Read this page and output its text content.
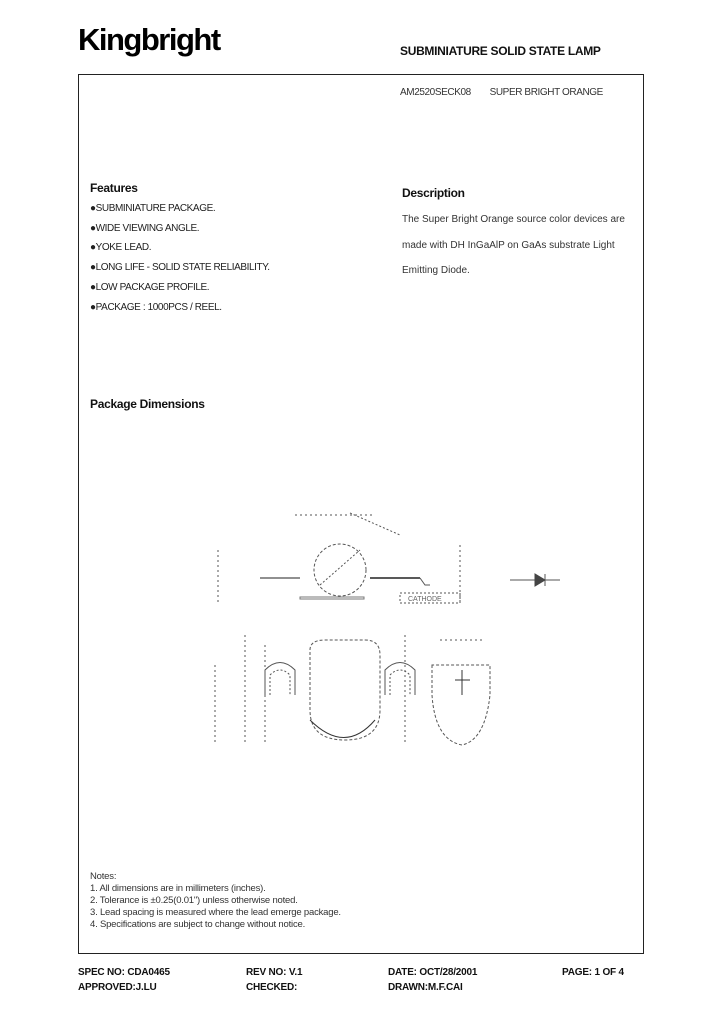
Kingbright	SUBMINIATURE SOLID STATE LAMP
AM2520SECK08 SUPER BRIGHT ORANGE
Features
●SUBMINIATURE PACKAGE.
●WIDE VIEWING ANGLE.
●YOKE LEAD.
●LONG LIFE - SOLID STATE RELIABILITY.
●LOW PACKAGE PROFILE.
●PACKAGE : 1000PCS / REEL.
Description
The Super Bright Orange source color devices are
made with DH InGaAlP on GaAs substrate Light
Emitting Diode.
Package Dimensions
CATHODE
Notes:
1. All dimensions are in millimeters (inches).
2. Tolerance is ±0.25(0.01") unless otherwise noted.
3. Lead spacing is measured where the lead emerge package.
4. Specifications are subject to change without notice.
SPEC NO: CDA0465	REV NO: V.1	DATE: OCT/28/2001	PAGE: 1 OF 4
APPROVED:J.LU	CHECKED:	DRAWN:M.F.CAI
